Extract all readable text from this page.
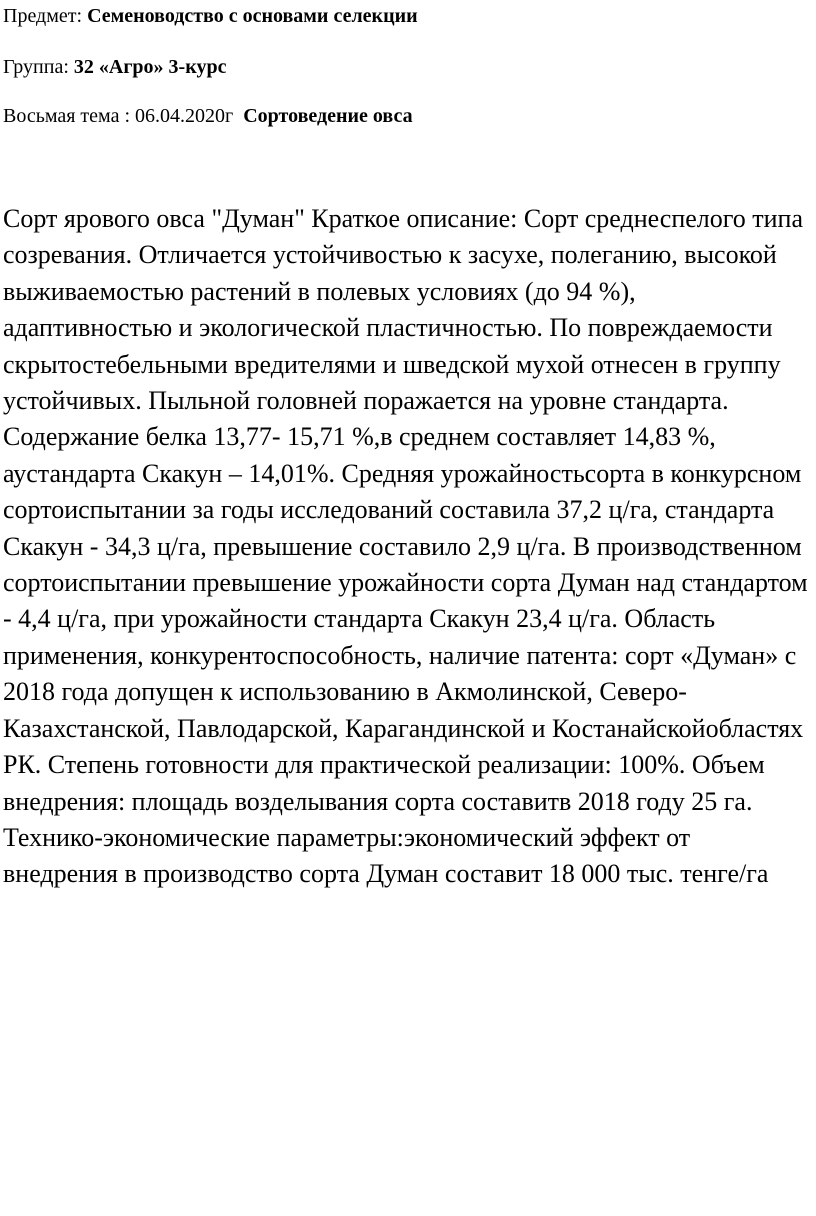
Предмет: Семеноводство с основами селекции
Группа: 32 «Агро» 3-курс
Восьмая тема : 06.04.2020г  Сортоведение овса

Сорт ярового овса "Думан" Краткое описание: Сорт среднеспелого типа созревания. Отличается устойчивостью к засухе, полеганию, высокой выживаемостью растений в полевых условиях (до 94 %), адаптивностью и экологической пластичностью. По повреждаемости скрытостебельными вредителями и шведской мухой отнесен в группу устойчивых. Пыльной головней поражается на уровне стандарта. Содержание белка 13,77- 15,71 %,в среднем составляет 14,83 %, аустандарта Скакун – 14,01%. Средняя урожайностьсорта в конкурсном сортоиспытании за годы исследований составила 37,2 ц/га, стандарта Скакун - 34,3 ц/га, превышение составило 2,9 ц/га. В производственном сортоиспытании превышение урожайности сорта Думан над стандартом - 4,4 ц/га, при урожайности стандарта Скакун 23,4 ц/га. Область применения, конкурентоспособность, наличие патента: сорт «Думан» с 2018 года допущен к использованию в Акмолинской, Северо-Казахстанской, Павлодарской, Карагандинской и Костанайскойобластях РК. Степень готовности для практической реализации: 100%. Объем внедрения: площадь возделывания сорта составитв 2018 году 25 га. Технико-экономические параметры:экономический эффект от внедрения в производство сорта Думан составит 18 000 тыс. тенге/га
